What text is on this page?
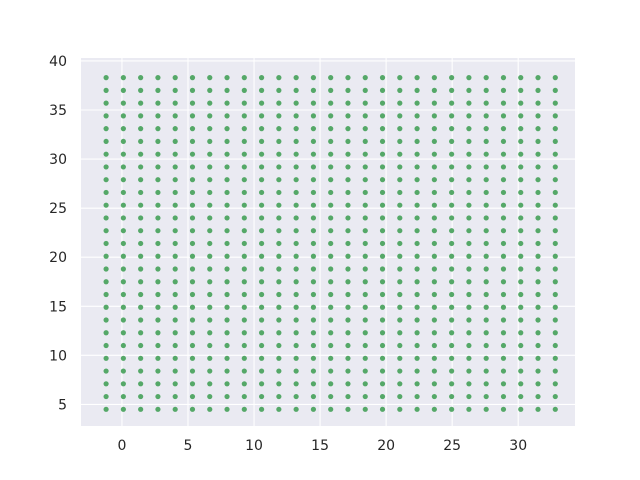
0	5	10	15	20	25	30
5
10
15
20
25
30
35
40
